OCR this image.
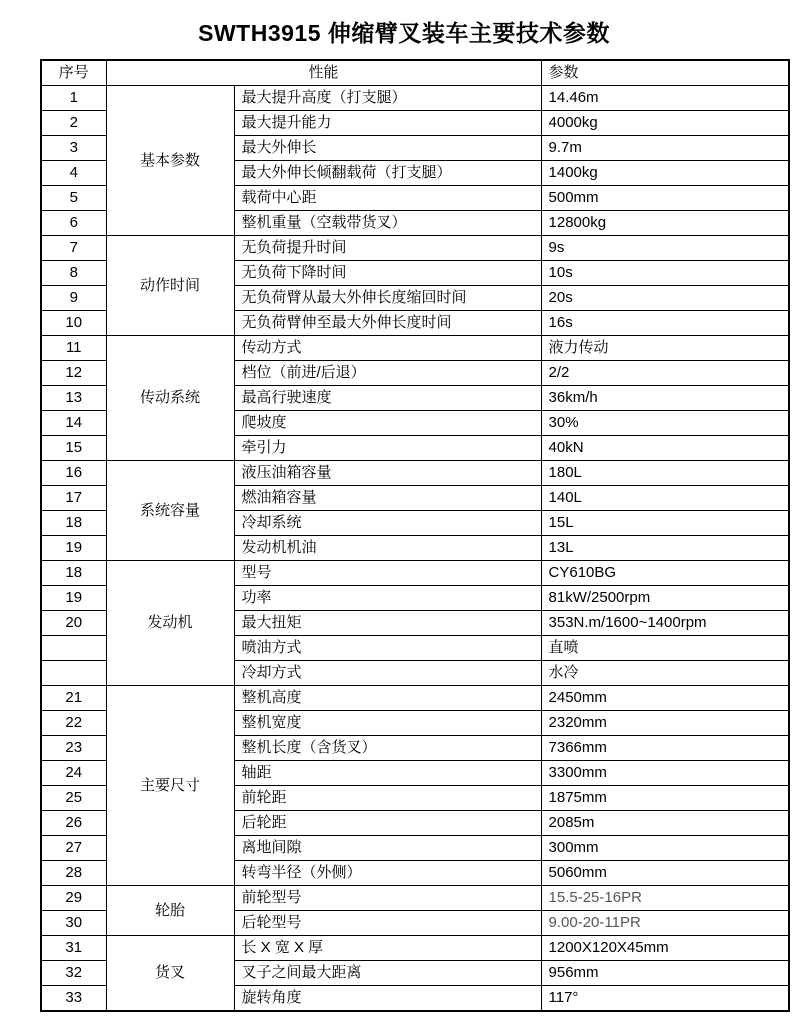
SWTH3915 伸缩臂叉装车主要技术参数
序号	性能		参数
1	基本参数	最大提升高度（打支腿）	14.46m
2		最大提升能力	4000kg
3		最大外伸长	9.7m
4		最大外伸长倾翻载荷（打支腿）	1400kg
5		载荷中心距	500mm
6		整机重量（空载带货叉）	12800kg
7	动作时间	无负荷提升时间	9s
8		无负荷下降时间	10s
9		无负荷臂从最大外伸长度缩回时间	20s
10		无负荷臂伸至最大外伸长度时间	16s
11	传动系统	传动方式	液力传动
12		档位（前进/后退）	2/2
13		最高行驶速度	36km/h
14		爬坡度	30%
15		牵引力	40kN
16	系统容量	液压油箱容量	180L
17		燃油箱容量	140L
18		冷却系统	15L
19		发动机机油	13L
18	发动机	型号	CY610BG
19		功率	81kW/2500rpm
20		最大扭矩	353N.m/1600~1400rpm
		喷油方式	直喷
		冷却方式	水冷
21	主要尺寸	整机高度	2450mm
22		整机宽度	2320mm
23		整机长度（含货叉）	7366mm
24		轴距	3300mm
25		前轮距	1875mm
26		后轮距	2085m
27		离地间隙	300mm
28		转弯半径（外侧）	5060mm
29	轮胎	前轮型号	15.5-25-16PR
30		后轮型号	9.00-20-11PR
31	货叉	长 X 宽 X 厚	1200X120X45mm
32		叉子之间最大距离	956mm
33		旋转角度	117°
